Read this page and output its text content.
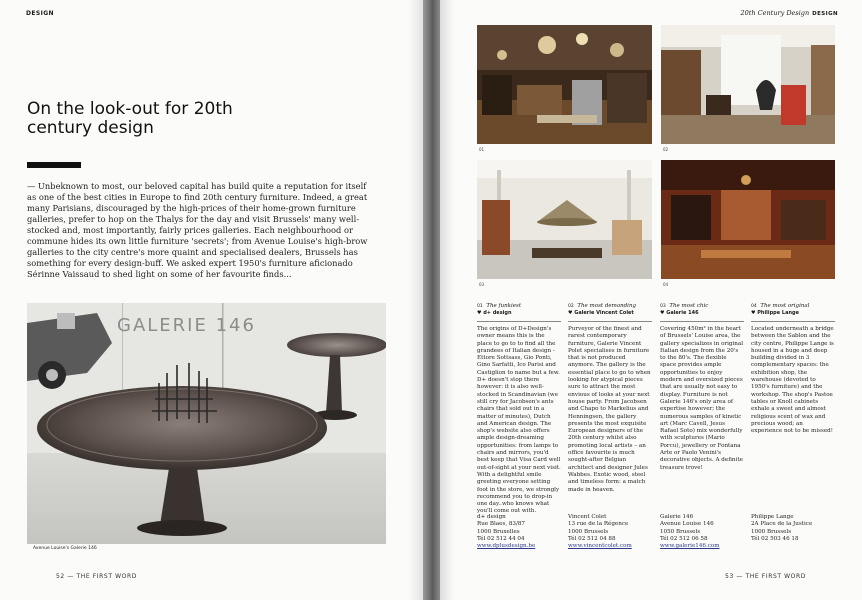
DESIGN
On the look-out for 20th century design

— Unbeknown to most, our beloved capital has build quite a reputation for itself as one of the best cities in Europe to find 20th century furniture. Indeed, a great many Parisians, discouraged by the high-prices of their home-grown furniture galleries, prefer to hop on the Thalys for the day and visit Brussels' many well-stocked and, most importantly, fairly prices galleries. Each neighbourhood or commune hides its own little furniture 'secrets'; from Avenue Louise's high-brow galleries to the city centre's more quaint and specialised dealers, Brussels has something for every design-buff. We asked expert 1950's furniture aficionado Sérinne Vaissaud to shed light on some of her favourite finds...

GALERIE 146
Avenue Louise's Galerie 146
52 — THE FIRST WORD
20th Century Design DESIGN
01	02
03	04
01 The funkiest
♥ d+ design

The origins of D+Design's owner means this is the place to go to to find all the grandees of Italian design - Ettore Sottsass, Gio Ponti, Gino Sarfatti, Ico Parisi and Castiglion to name but a few. D+ doesn't stop there however: it is also well-stocked in Scandinavian (we still cry for Jacobsen's ants chairs that sold out in a matter of minutes), Dutch and American design. The shop's website also offers ample design-dreaming opportunities: from lamps to chairs and mirrors, you'd best keep that Visa Card well out-of-sight at your next visit. With a delightful smile greeting everyone setting foot in the store, we strongly recommend you to drop-in one day..who knows what you'll come out with.

d+ design
Rue Blaes, 83/87
1000 Bruxelles
Tél 02 512 44 04
www.dplusdesign.be
02 The most demanding
♥ Galerie Vincent Colet

Purveyor of the finest and rarest contemporary furniture, Galerie Vincent Polet specialises in furniture that is not produced anymore. The gallery is the essential place to go to when looking for atypical pieces sure to attract the most envious of looks at your next house party. From Jacobsen and Chapo to Markelius and Henningsen, the gallery presents the most exquisite European designers of the 20th century whilst also promoting local artists – an office favourite is much sought-after Belgian architect and designer Jules Wabbes. Exotic wood, steel and timeless form: a match made in heaven.

Vincent Colet
13 rue de la Régence
1000 Brussels
Tél 02 512 04 88
www.vincentcolet.com
03 The most chic
♥ Galerie 146

Covering 450m² in the heart of Brussels' Louise area, the gallery specializes in original Italian design from the 20's to the 80's. The flexible space provides ample opportunities to enjoy modern and oversized pieces that are usually not easy to display. Furniture is not Galerie 146's only area of expertise however; the numerous samples of kinetic art (Marc Cavell, Jesus Rafael Soto) mix wonderfully with sculptures (Mario Porcu), jewellery or Fontana Arte or Paolo Venini's decorative objects. A definite treasure trove!

Galerie 146
Avenue Louise 146
1050 Brussels
Tél 02 512 06 58
www.galerie146.com
04 The most original
♥ Philippe Lange

Located underneath a bridge between the Sablon and the city centre, Philippe Lange is housed in a huge and deep building divided in 3 complementary spaces: the exhibition shop, the warehouse (devoted to 1950's furniture) and the workshop. The shop's Pastoe tables or Knoll cabinets exhale a sweet and almost religious scent of wax and precious wood; an experience not to be missed!

Philippe Lange
2A Place de la Justice
1000 Brussels
Tél 02 503 46 18
53 — THE FIRST WORD
